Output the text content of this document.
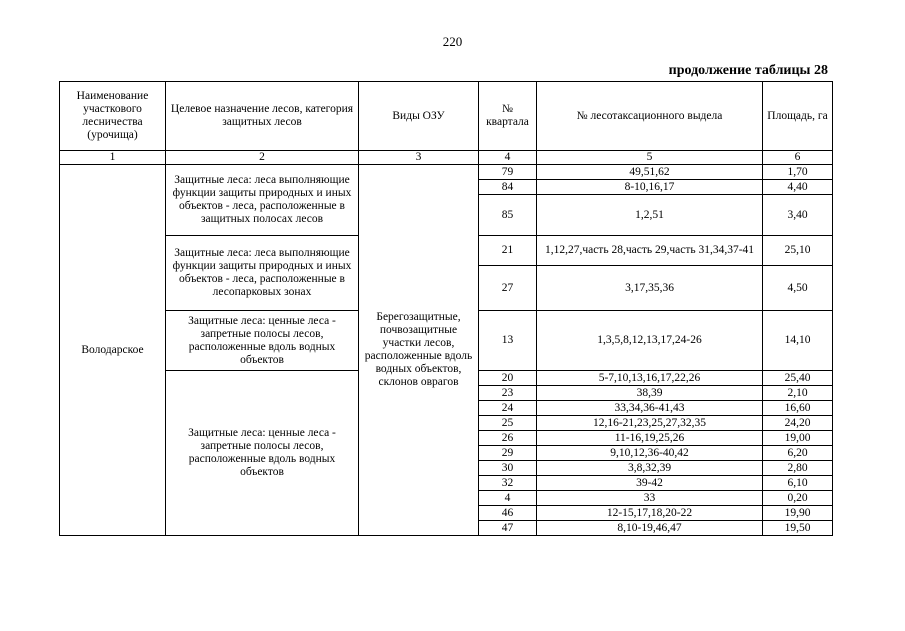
220
продолжение таблицы 28
Наименование участкового лесничества (урочища)	Целевое назначение лесов, категория защитных лесов	Виды ОЗУ	№ квартала	№ лесотаксационного выдела	Площадь, га
1	2	3	4	5	6
Володарское	Защитные леса: леса выполняющие функции защиты природных и иных объектов - леса, расположенные в защитных полосах лесов	Берегозащитные, почвозащитные участки лесов, расположенные вдоль водных объектов, склонов оврагов	79	49,51,62	1,70
			84	8-10,16,17	4,40
			85	1,2,51	3,40
	Защитные леса: леса выполняющие функции защиты природных и иных объектов - леса, расположенные в лесопарковых зонах		21	1,12,27,часть 28,часть 29,часть 31,34,37-41	25,10
			27	3,17,35,36	4,50
	Защитные леса: ценные леса - запретные полосы лесов, расположенные вдоль водных объектов		13	1,3,5,8,12,13,17,24-26	14,10
	Защитные леса: ценные леса - запретные полосы лесов, расположенные вдоль водных объектов		20	5-7,10,13,16,17,22,26	25,40
			23	38,39	2,10
			24	33,34,36-41,43	16,60
			25	12,16-21,23,25,27,32,35	24,20
			26	11-16,19,25,26	19,00
			29	9,10,12,36-40,42	6,20
			30	3,8,32,39	2,80
			32	39-42	6,10
			4	33	0,20
			46	12-15,17,18,20-22	19,90
			47	8,10-19,46,47	19,50
